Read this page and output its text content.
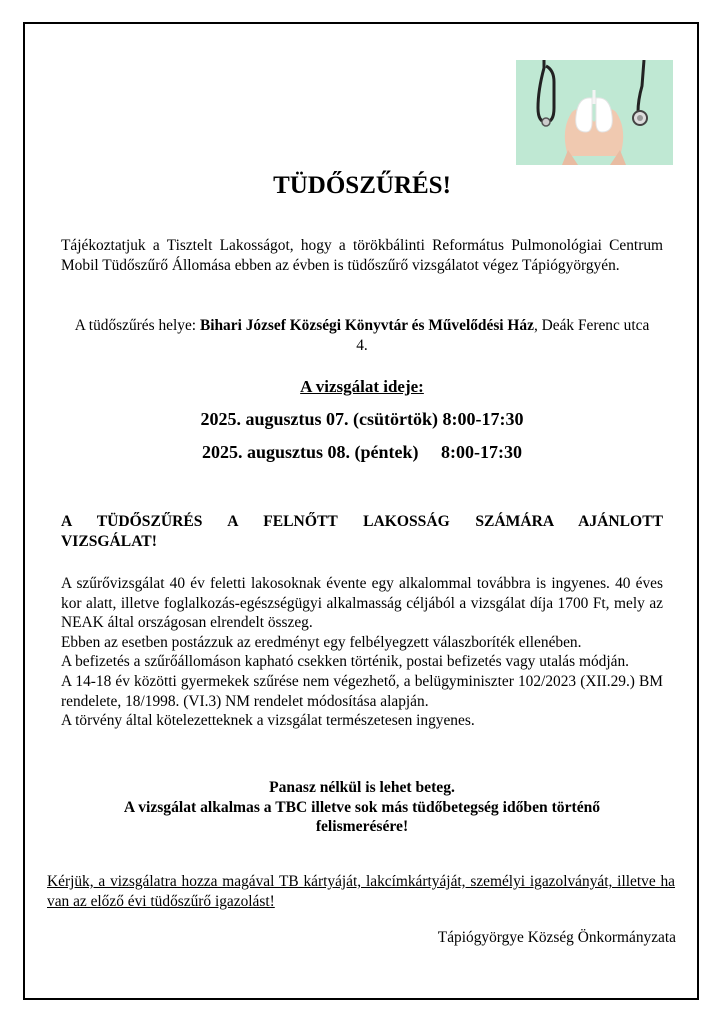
TÜDŐSZŰRÉS!
Tájékoztatjuk a Tisztelt Lakosságot, hogy a törökbálinti Református Pulmonológiai Centrum Mobil Tüdőszűrő Állomása ebben az évben is tüdőszűrő vizsgálatot végez Tápiógyörgyén.
A tüdőszűrés helye: Bihari József Községi Könyvtár és Művelődési Ház, Deák Ferenc utca 4.
A vizsgálat ideje:
2025. augusztus 07. (csütörtök) 8:00-17:30
2025. augusztus 08. (péntek)     8:00-17:30
A TÜDŐSZŰRÉS A FELNŐTT LAKOSSÁG SZÁMÁRA AJÁNLOTT
VIZSGÁLAT!
A szűrővizsgálat 40 év feletti lakosoknak évente egy alkalommal továbbra is ingyenes. 40 éves kor alatt, illetve foglalkozás-egészségügyi alkalmasság céljából a vizsgálat díja 1700 Ft, mely az NEAK által országosan elrendelt összeg.
Ebben az esetben postázzuk az eredményt egy felbélyegzett válaszboríték ellenében.
A befizetés a szűrőállomáson kapható csekken történik, postai befizetés vagy utalás módján.
A 14-18 év közötti gyermekek szűrése nem végezhető, a belügyminiszter 102/2023 (XII.29.) BM rendelete, 18/1998. (VI.3) NM rendelet módosítása alapján.
A törvény által kötelezetteknek a vizsgálat természetesen ingyenes.
Panasz nélkül is lehet beteg.
A vizsgálat alkalmas a TBC illetve sok más tüdőbetegség időben történő felismerésére!
Kérjük, a vizsgálatra hozza magával TB kártyáját, lakcímkártyáját, személyi igazolványát, illetve ha van az előző évi tüdőszűrő igazolást!
Tápiógyörgye Község Önkormányzata
